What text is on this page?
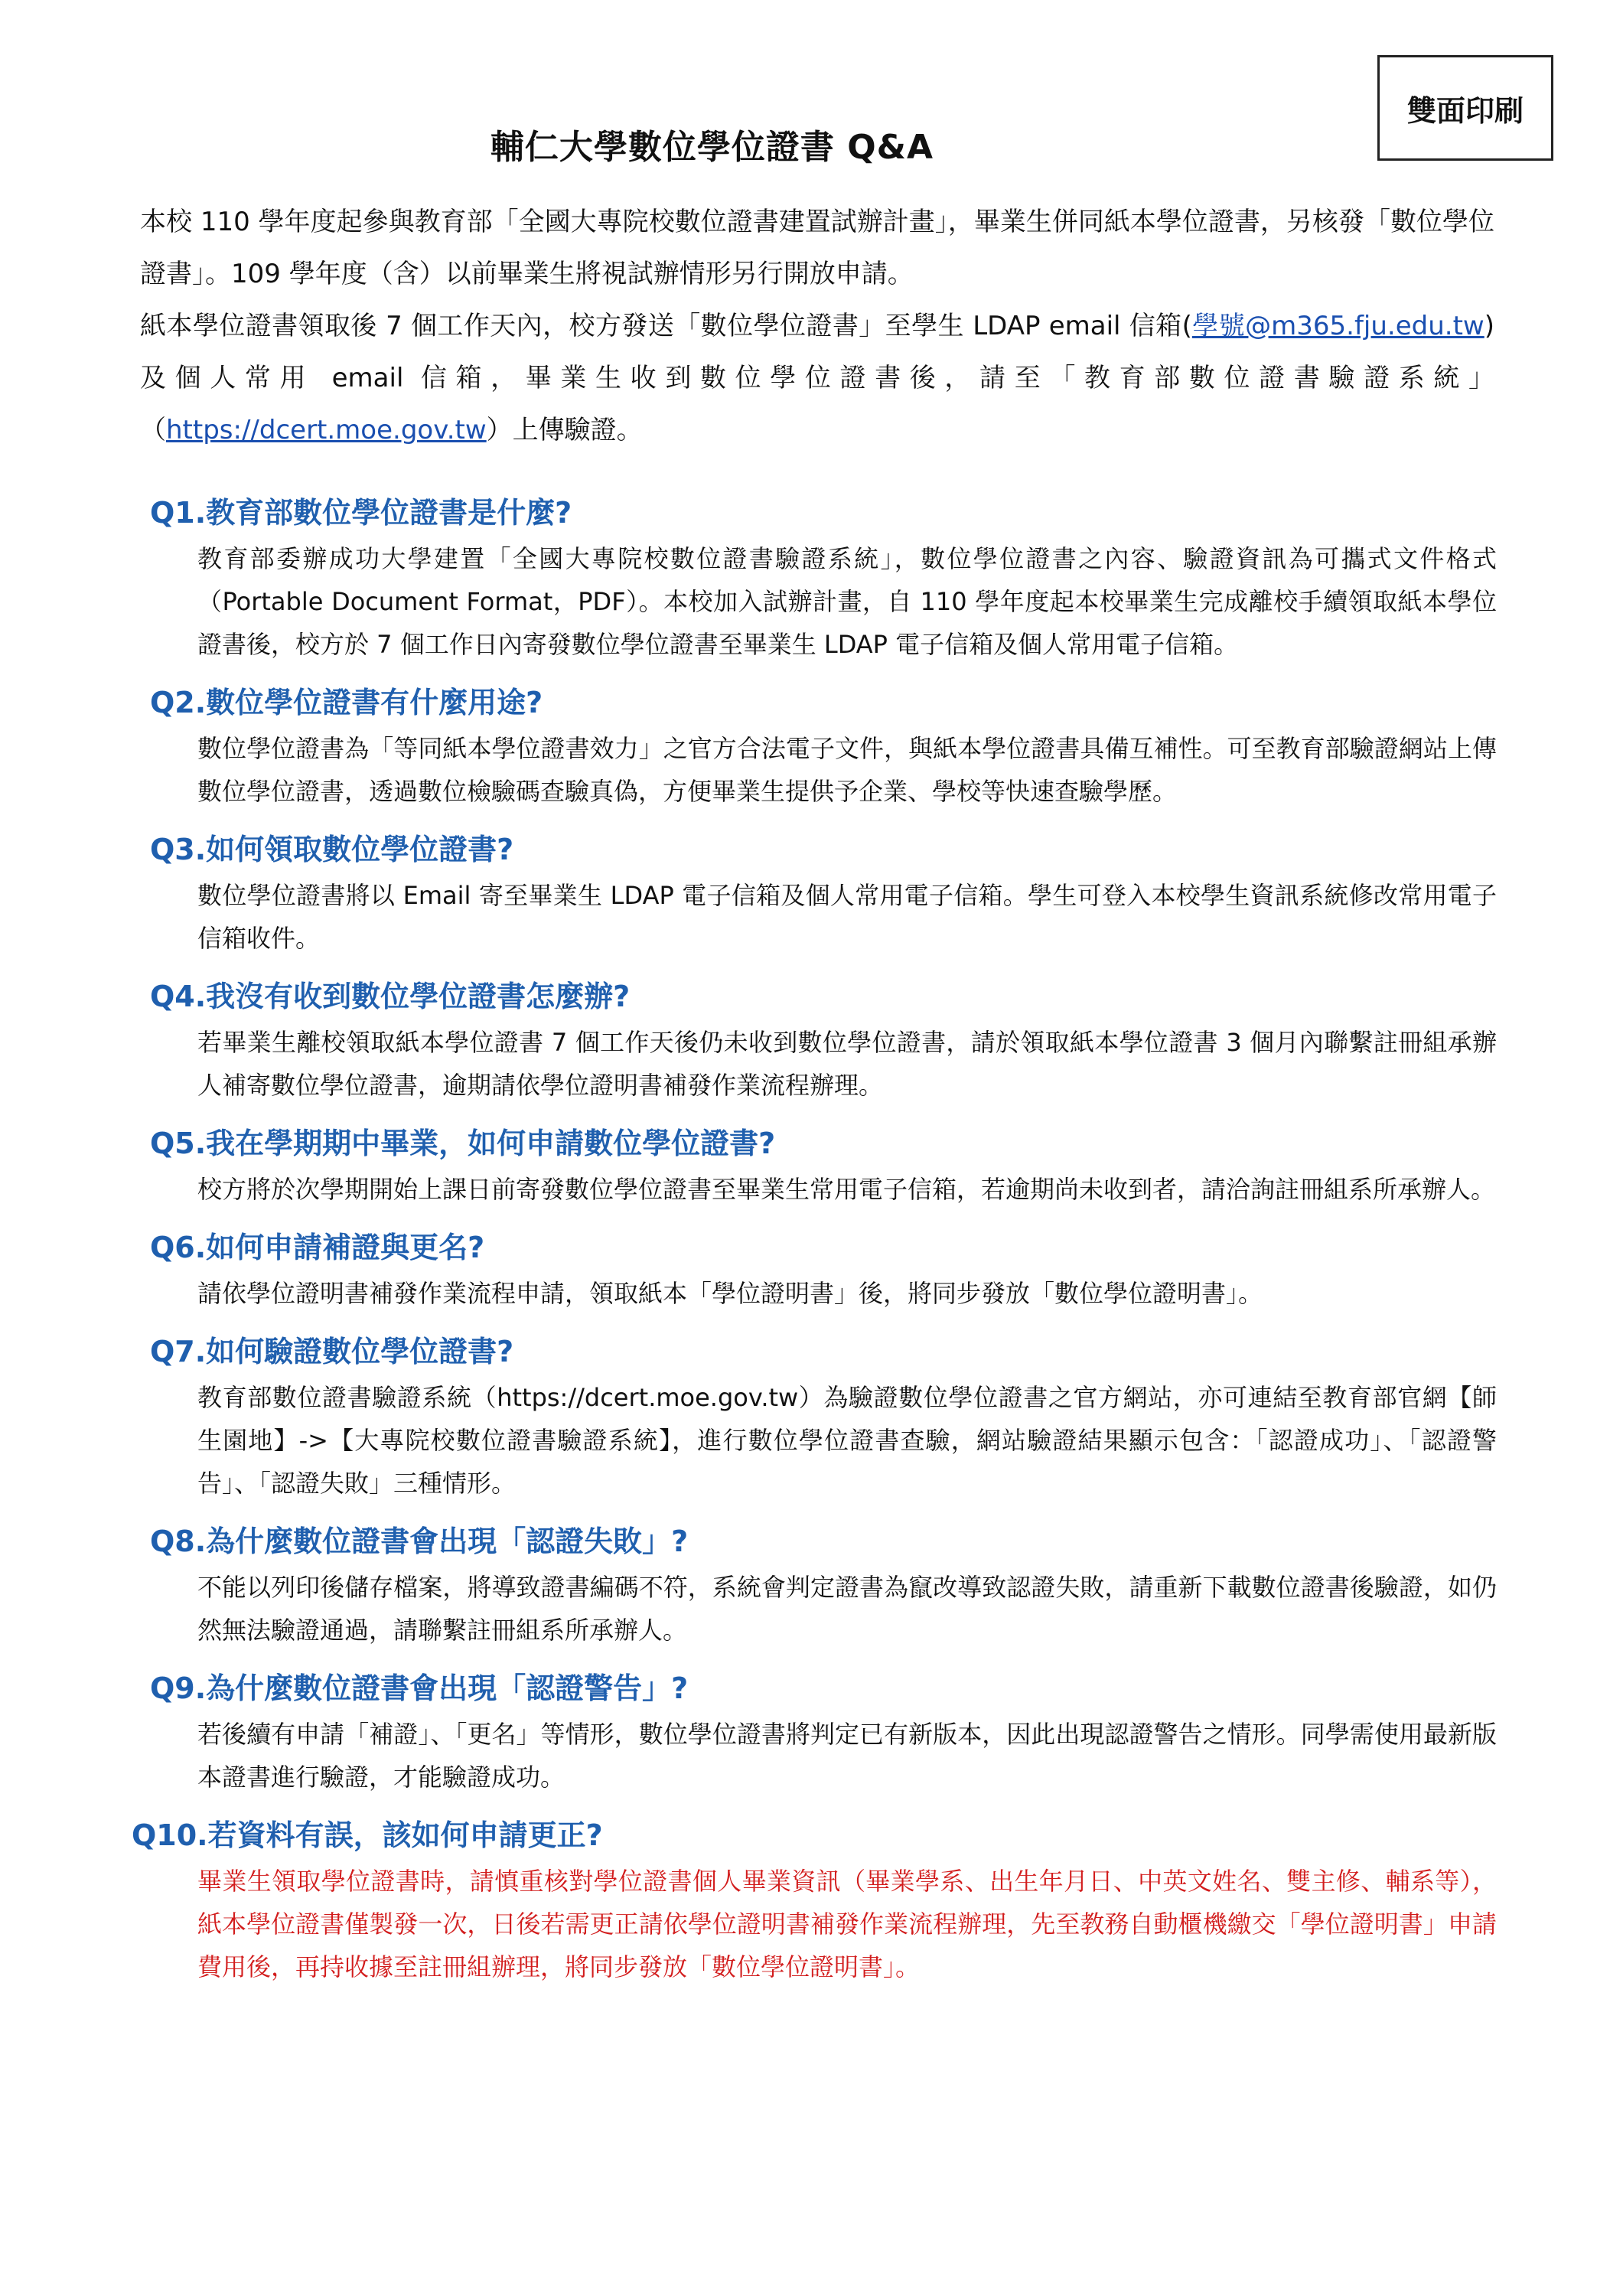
雙面印刷
輔仁大學數位學位證書 Q&A

本校 110 學年度起參與教育部「全國大專院校數位證書建置試辦計畫」，畢業生併同紙本學位證書，另核發「數位學位證書」。109 學年度（含）以前畢業生將視試辦情形另行開放申請。

紙本學位證書領取後 7 個工作天內，校方發送「數位學位證書」至學生 LDAP email 信箱(學號@m365.fju.edu.tw)及個人常用 email 信箱，畢業生收到數位學位證書後，請至「教育部數位證書驗證系統」（https://dcert.moe.gov.tw）上傳驗證。

Q1.教育部數位學位證書是什麼?

教育部委辦成功大學建置「全國大專院校數位證書驗證系統」，數位學位證書之內容、驗證資訊為可攜式文件格式（Portable Document Format，PDF）。本校加入試辦計畫，自 110 學年度起本校畢業生完成離校手續領取紙本學位證書後，校方於 7 個工作日內寄發數位學位證書至畢業生 LDAP 電子信箱及個人常用電子信箱。

Q2.數位學位證書有什麼用途?

數位學位證書為「等同紙本學位證書效力」之官方合法電子文件，與紙本學位證書具備互補性。可至教育部驗證網站上傳數位學位證書，透過數位檢驗碼查驗真偽，方便畢業生提供予企業、學校等快速查驗學歷。

Q3.如何領取數位學位證書?

數位學位證書將以 Email 寄至畢業生 LDAP 電子信箱及個人常用電子信箱。學生可登入本校學生資訊系統修改常用電子信箱收件。

Q4.我沒有收到數位學位證書怎麼辦?

若畢業生離校領取紙本學位證書 7 個工作天後仍未收到數位學位證書，請於領取紙本學位證書 3 個月內聯繫註冊組承辦人補寄數位學位證書，逾期請依學位證明書補發作業流程辦理。

Q5.我在學期期中畢業，如何申請數位學位證書?

校方將於次學期開始上課日前寄發數位學位證書至畢業生常用電子信箱，若逾期尚未收到者，請洽詢註冊組系所承辦人。

Q6.如何申請補證與更名?

請依學位證明書補發作業流程申請，領取紙本「學位證明書」後，將同步發放「數位學位證明書」。

Q7.如何驗證數位學位證書?

教育部數位證書驗證系統（https://dcert.moe.gov.tw）為驗證數位學位證書之官方網站，亦可連結至教育部官網【師生園地】->【大專院校數位證書驗證系統】，進行數位學位證書查驗，網站驗證結果顯示包含：「認證成功」、「認證警告」、「認證失敗」三種情形。

Q8.為什麼數位證書會出現「認證失敗」?

不能以列印後儲存檔案，將導致證書編碼不符，系統會判定證書為竄改導致認證失敗，請重新下載數位證書後驗證，如仍然無法驗證通過，請聯繫註冊組系所承辦人。

Q9.為什麼數位證書會出現「認證警告」?

若後續有申請「補證」、「更名」等情形，數位學位證書將判定已有新版本，因此出現認證警告之情形。同學需使用最新版本證書進行驗證，才能驗證成功。

Q10.若資料有誤，該如何申請更正?

畢業生領取學位證書時，請慎重核對學位證書個人畢業資訊（畢業學系、出生年月日、中英文姓名、雙主修、輔系等），紙本學位證書僅製發一次，日後若需更正請依學位證明書補發作業流程辦理，先至教務自動櫃機繳交「學位證明書」申請費用後，再持收據至註冊組辦理，將同步發放「數位學位證明書」。
